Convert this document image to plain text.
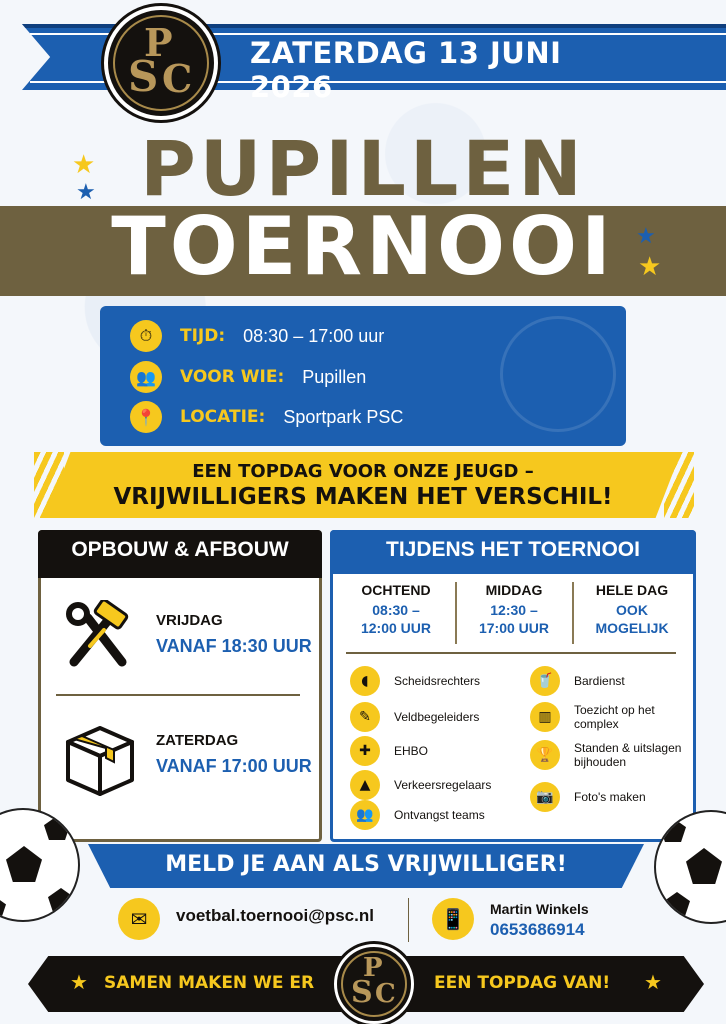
ZATERDAG 13 JUNI 2026
P
S C
PUPILLEN
TOERNOOI
★
★
★
★
⏱	TIJD: 08:30 – 17:00 uur
👥	VOOR WIE: Pupillen
📍	LOCATIE: Sportpark PSC
EEN TOPDAG VOOR ONZE JEUGD –
VRIJWILLIGERS MAKEN HET VERSCHIL!
OPBOUW & AFBOUW
VRIJDAG
VANAF 18:30 UUR
ZATERDAG
VANAF 17:00 UUR
TIJDENS HET TOERNOOI
OCHTEND
08:30 –
12:00 UUR
MIDDAG
12:30 –
17:00 UUR
HELE DAG
OOK
MOGELIJK
◖	Scheidsrechters
✎	Veldbegeleiders
✚	EHBO
▲	Verkeersregelaars
👥	Ontvangst teams
🥤	Bardienst
▥	Toezicht op het complex
🏆	Standen & uitslagen bijhouden
📷	Foto's maken
MELD JE AAN ALS VRIJWILLIGER!
✉	voetbal.toernooi@psc.nl	📱	Martin Winkels
0653686914
★ SAMEN MAKEN WE ER P
S C EEN TOPDAG VAN! ★
